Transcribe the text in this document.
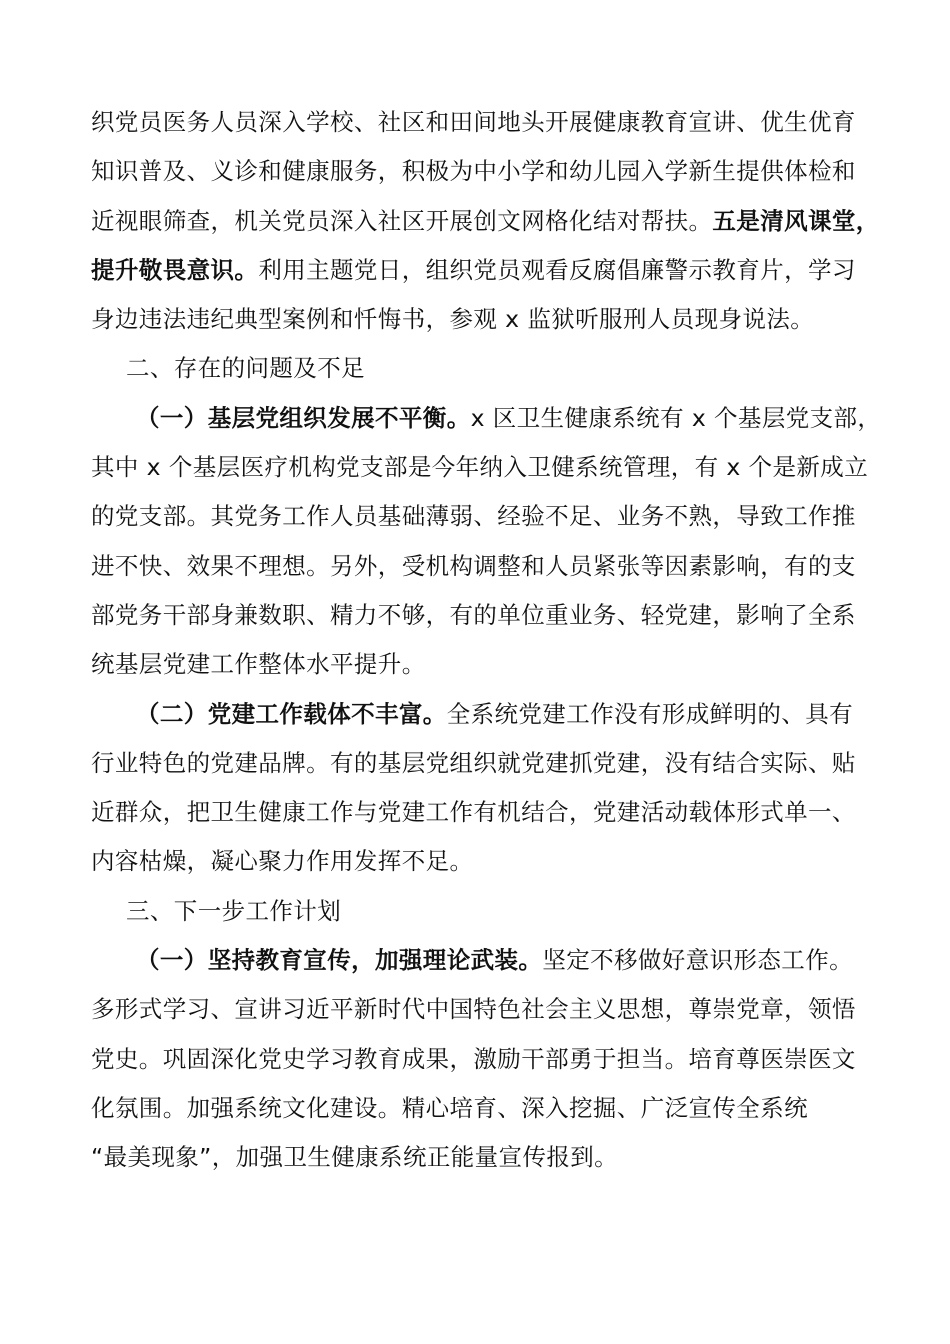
织党员医务人员深入学校、社区和田间地头开展健康教育宣讲、优生优育
知识普及、义诊和健康服务，积极为中小学和幼儿园入学新生提供体检和
近视眼筛查，机关党员深入社区开展创文网格化结对帮扶。五是清风课堂，
提升敬畏意识。利用主题党日，组织党员观看反腐倡廉警示教育片，学习
身边违法违纪典型案例和忏悔书，参观 x 监狱听服刑人员现身说法。
二、存在的问题及不足
（一）基层党组织发展不平衡。x 区卫生健康系统有 x 个基层党支部，
其中 x 个基层医疗机构党支部是今年纳入卫健系统管理，有 x 个是新成立
的党支部。其党务工作人员基础薄弱、经验不足、业务不熟，导致工作推
进不快、效果不理想。另外，受机构调整和人员紧张等因素影响，有的支
部党务干部身兼数职、精力不够，有的单位重业务、轻党建，影响了全系
统基层党建工作整体水平提升。
（二）党建工作载体不丰富。全系统党建工作没有形成鲜明的、具有
行业特色的党建品牌。有的基层党组织就党建抓党建，没有结合实际、贴
近群众，把卫生健康工作与党建工作有机结合，党建活动载体形式单一、
内容枯燥，凝心聚力作用发挥不足。
三、下一步工作计划
（一）坚持教育宣传，加强理论武装。坚定不移做好意识形态工作。
多形式学习、宣讲习近平新时代中国特色社会主义思想，尊崇党章，领悟
党史。巩固深化党史学习教育成果，激励干部勇于担当。培育尊医崇医文
化氛围。加强系统文化建设。精心培育、深入挖掘、广泛宣传全系统
“最美现象”，加强卫生健康系统正能量宣传报到。
